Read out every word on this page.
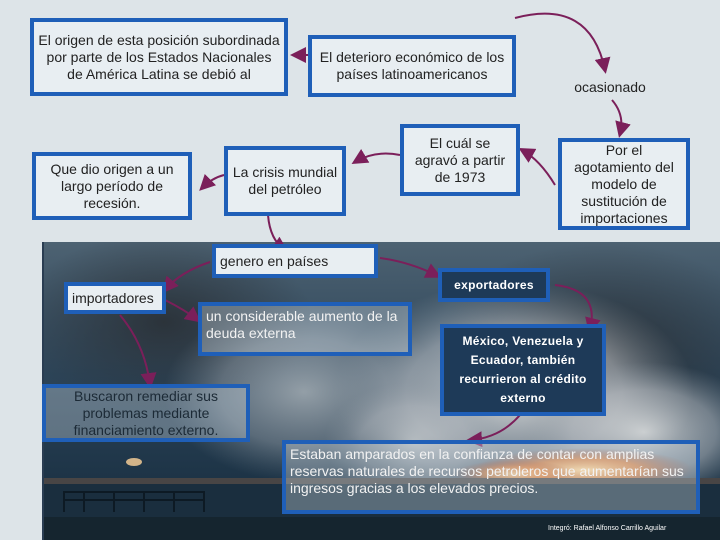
El origen de esta posición subordinada por parte de los Estados Nacionales de América Latina se debió al
El deterioro económico de los países latinoamericanos
ocasionado
Que dio origen a un largo período de recesión.
La crisis mundial del petróleo
El cuál se agravó a partir de 1973
Por el agotamiento del modelo de sustitución de importaciones
genero en países
exportadores
importadores
un considerable aumento de la deuda externa	México, Venezuela y Ecuador, también recurrieron al crédito externo
Buscaron remediar sus problemas mediante financiamiento externo.
Estaban amparados en la confianza de contar con amplias reservas naturales de recursos petroleros que aumentarían sus ingresos gracias a los elevados precios.
Integró: Rafael Alfonso Carrillo Aguilar
